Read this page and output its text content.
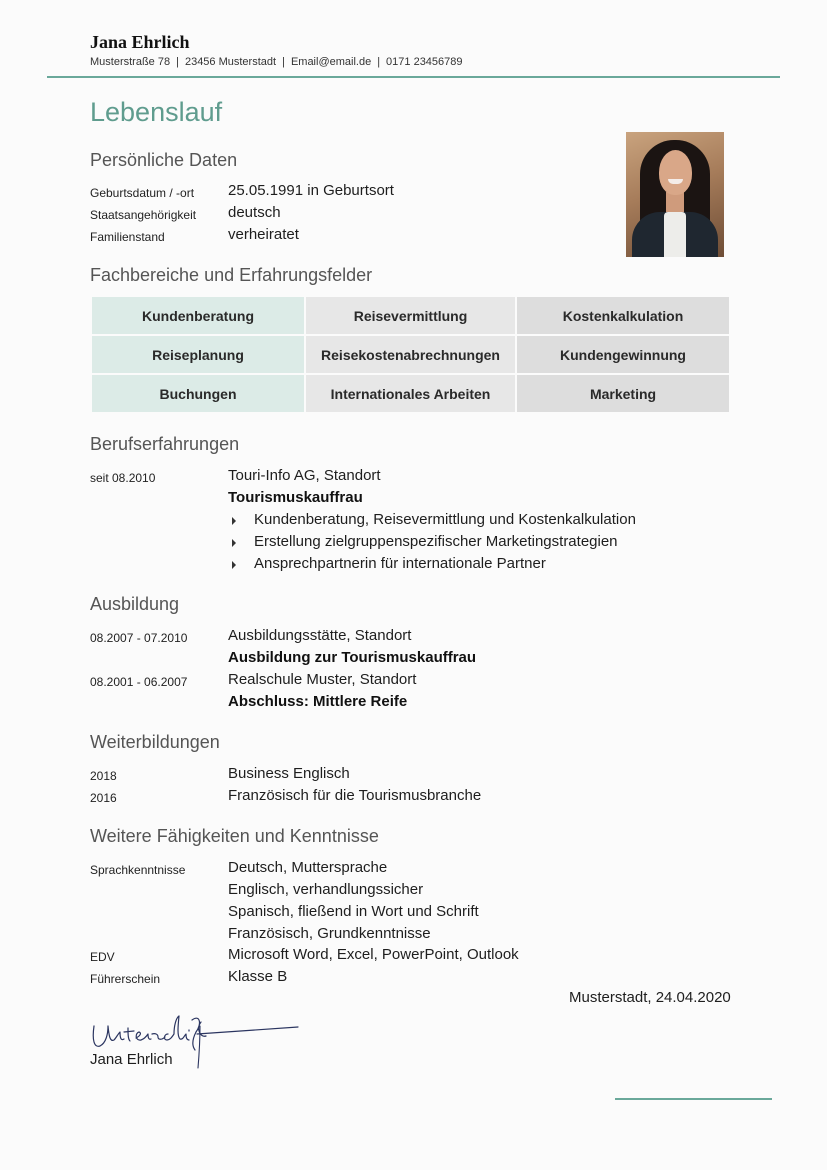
Jana Ehrlich
Musterstraße 78 | 23456 Musterstadt | Email@email.de | 0171 23456789
Lebenslauf
Persönliche Daten
Geburtsdatum / -ort 25.05.1991 in Geburtsort
Staatsangehörigkeit deutsch
Familienstand	verheiratet
Fachbereiche und Erfahrungsfelder
Kundenberatung	Reisevermittlung	Kostenkalkulation
Reiseplanung	Reisekostenabrechnungen	Kundengewinnung
Buchungen	Internationales Arbeiten	Marketing
Berufserfahrungen
seit 08.2010	Touri-Info AG, Standort
Tourismuskauffrau
Kundenberatung, Reisevermittlung und Kostenkalkulation
Erstellung zielgruppenspezifischer Marketingstrategien
Ansprechpartnerin für internationale Partner
Ausbildung
08.2007 - 07.2010	Ausbildungsstätte, Standort
Ausbildung zur Tourismuskauffrau
08.2001 - 06.2007	Realschule Muster, Standort
Abschluss: Mittlere Reife
Weiterbildungen
2018	Business Englisch
2016	Französisch für die Tourismusbranche
Weitere Fähigkeiten und Kenntnisse
Sprachkenntnisse	Deutsch, Muttersprache
Englisch, verhandlungssicher
Spanisch, fließend in Wort und Schrift
Französisch, Grundkenntnisse
EDV	Microsoft Word, Excel, PowerPoint, Outlook
Führerschein	Klasse B
Musterstadt, 24.04.2020
Jana Ehrlich
